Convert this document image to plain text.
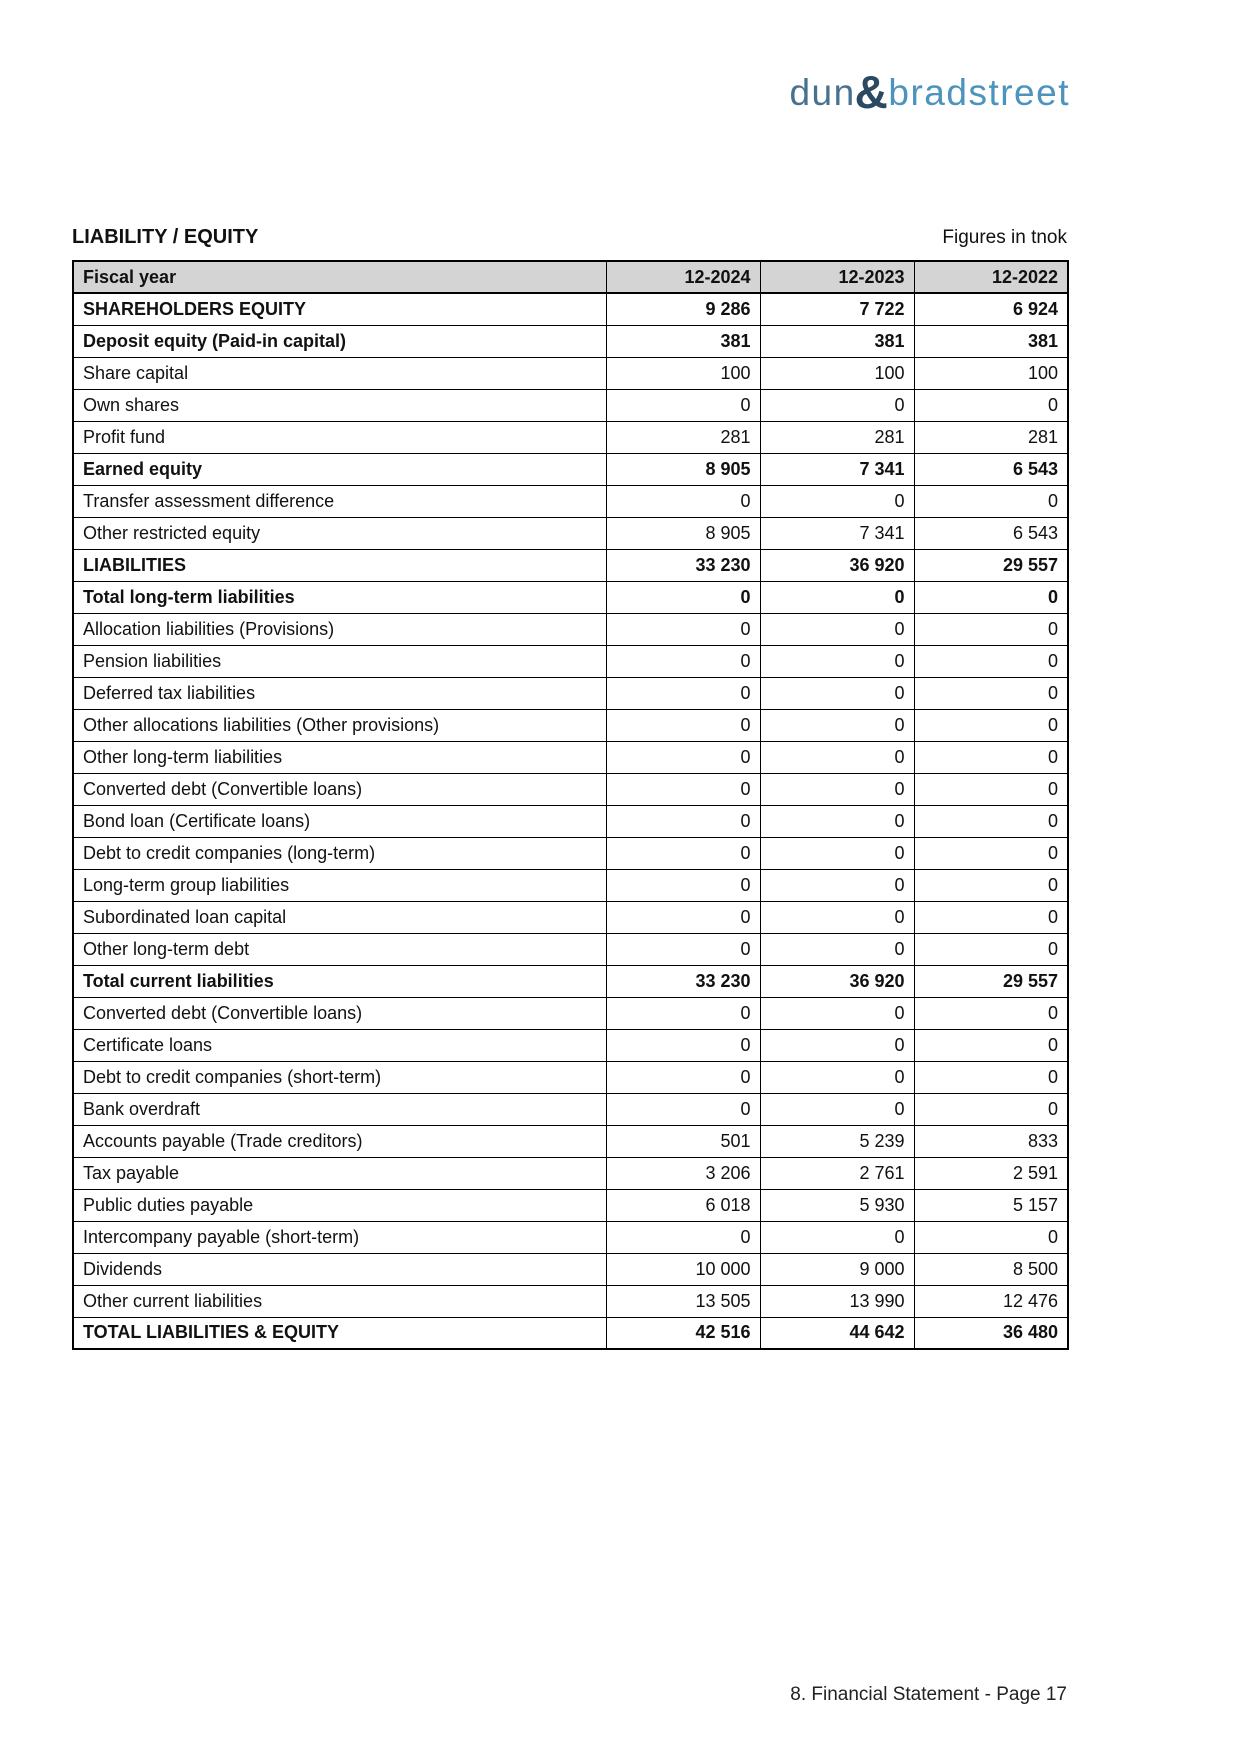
dun&bradstreet
LIABILITY / EQUITY	Figures in tnok
Fiscal year	12-2024	12-2023	12-2022
SHAREHOLDERS EQUITY	9 286	7 722	6 924
Deposit equity (Paid-in capital)	381	381	381
Share capital	100	100	100
Own shares	0	0	0
Profit fund	281	281	281
Earned equity	8 905	7 341	6 543
Transfer assessment difference	0	0	0
Other restricted equity	8 905	7 341	6 543
LIABILITIES	33 230	36 920	29 557
Total long-term liabilities	0	0	0
Allocation liabilities (Provisions)	0	0	0
Pension liabilities	0	0	0
Deferred tax liabilities	0	0	0
Other allocations liabilities (Other provisions)	0	0	0
Other long-term liabilities	0	0	0
Converted debt (Convertible loans)	0	0	0
Bond loan (Certificate loans)	0	0	0
Debt to credit companies (long-term)	0	0	0
Long-term group liabilities	0	0	0
Subordinated loan capital	0	0	0
Other long-term debt	0	0	0
Total current liabilities	33 230	36 920	29 557
Converted debt (Convertible loans)	0	0	0
Certificate loans	0	0	0
Debt to credit companies (short-term)	0	0	0
Bank overdraft	0	0	0
Accounts payable (Trade creditors)	501	5 239	833
Tax payable	3 206	2 761	2 591
Public duties payable	6 018	5 930	5 157
Intercompany payable (short-term)	0	0	0
Dividends	10 000	9 000	8 500
Other current liabilities	13 505	13 990	12 476
TOTAL LIABILITIES & EQUITY	42 516	44 642	36 480
8. Financial Statement - Page 17
